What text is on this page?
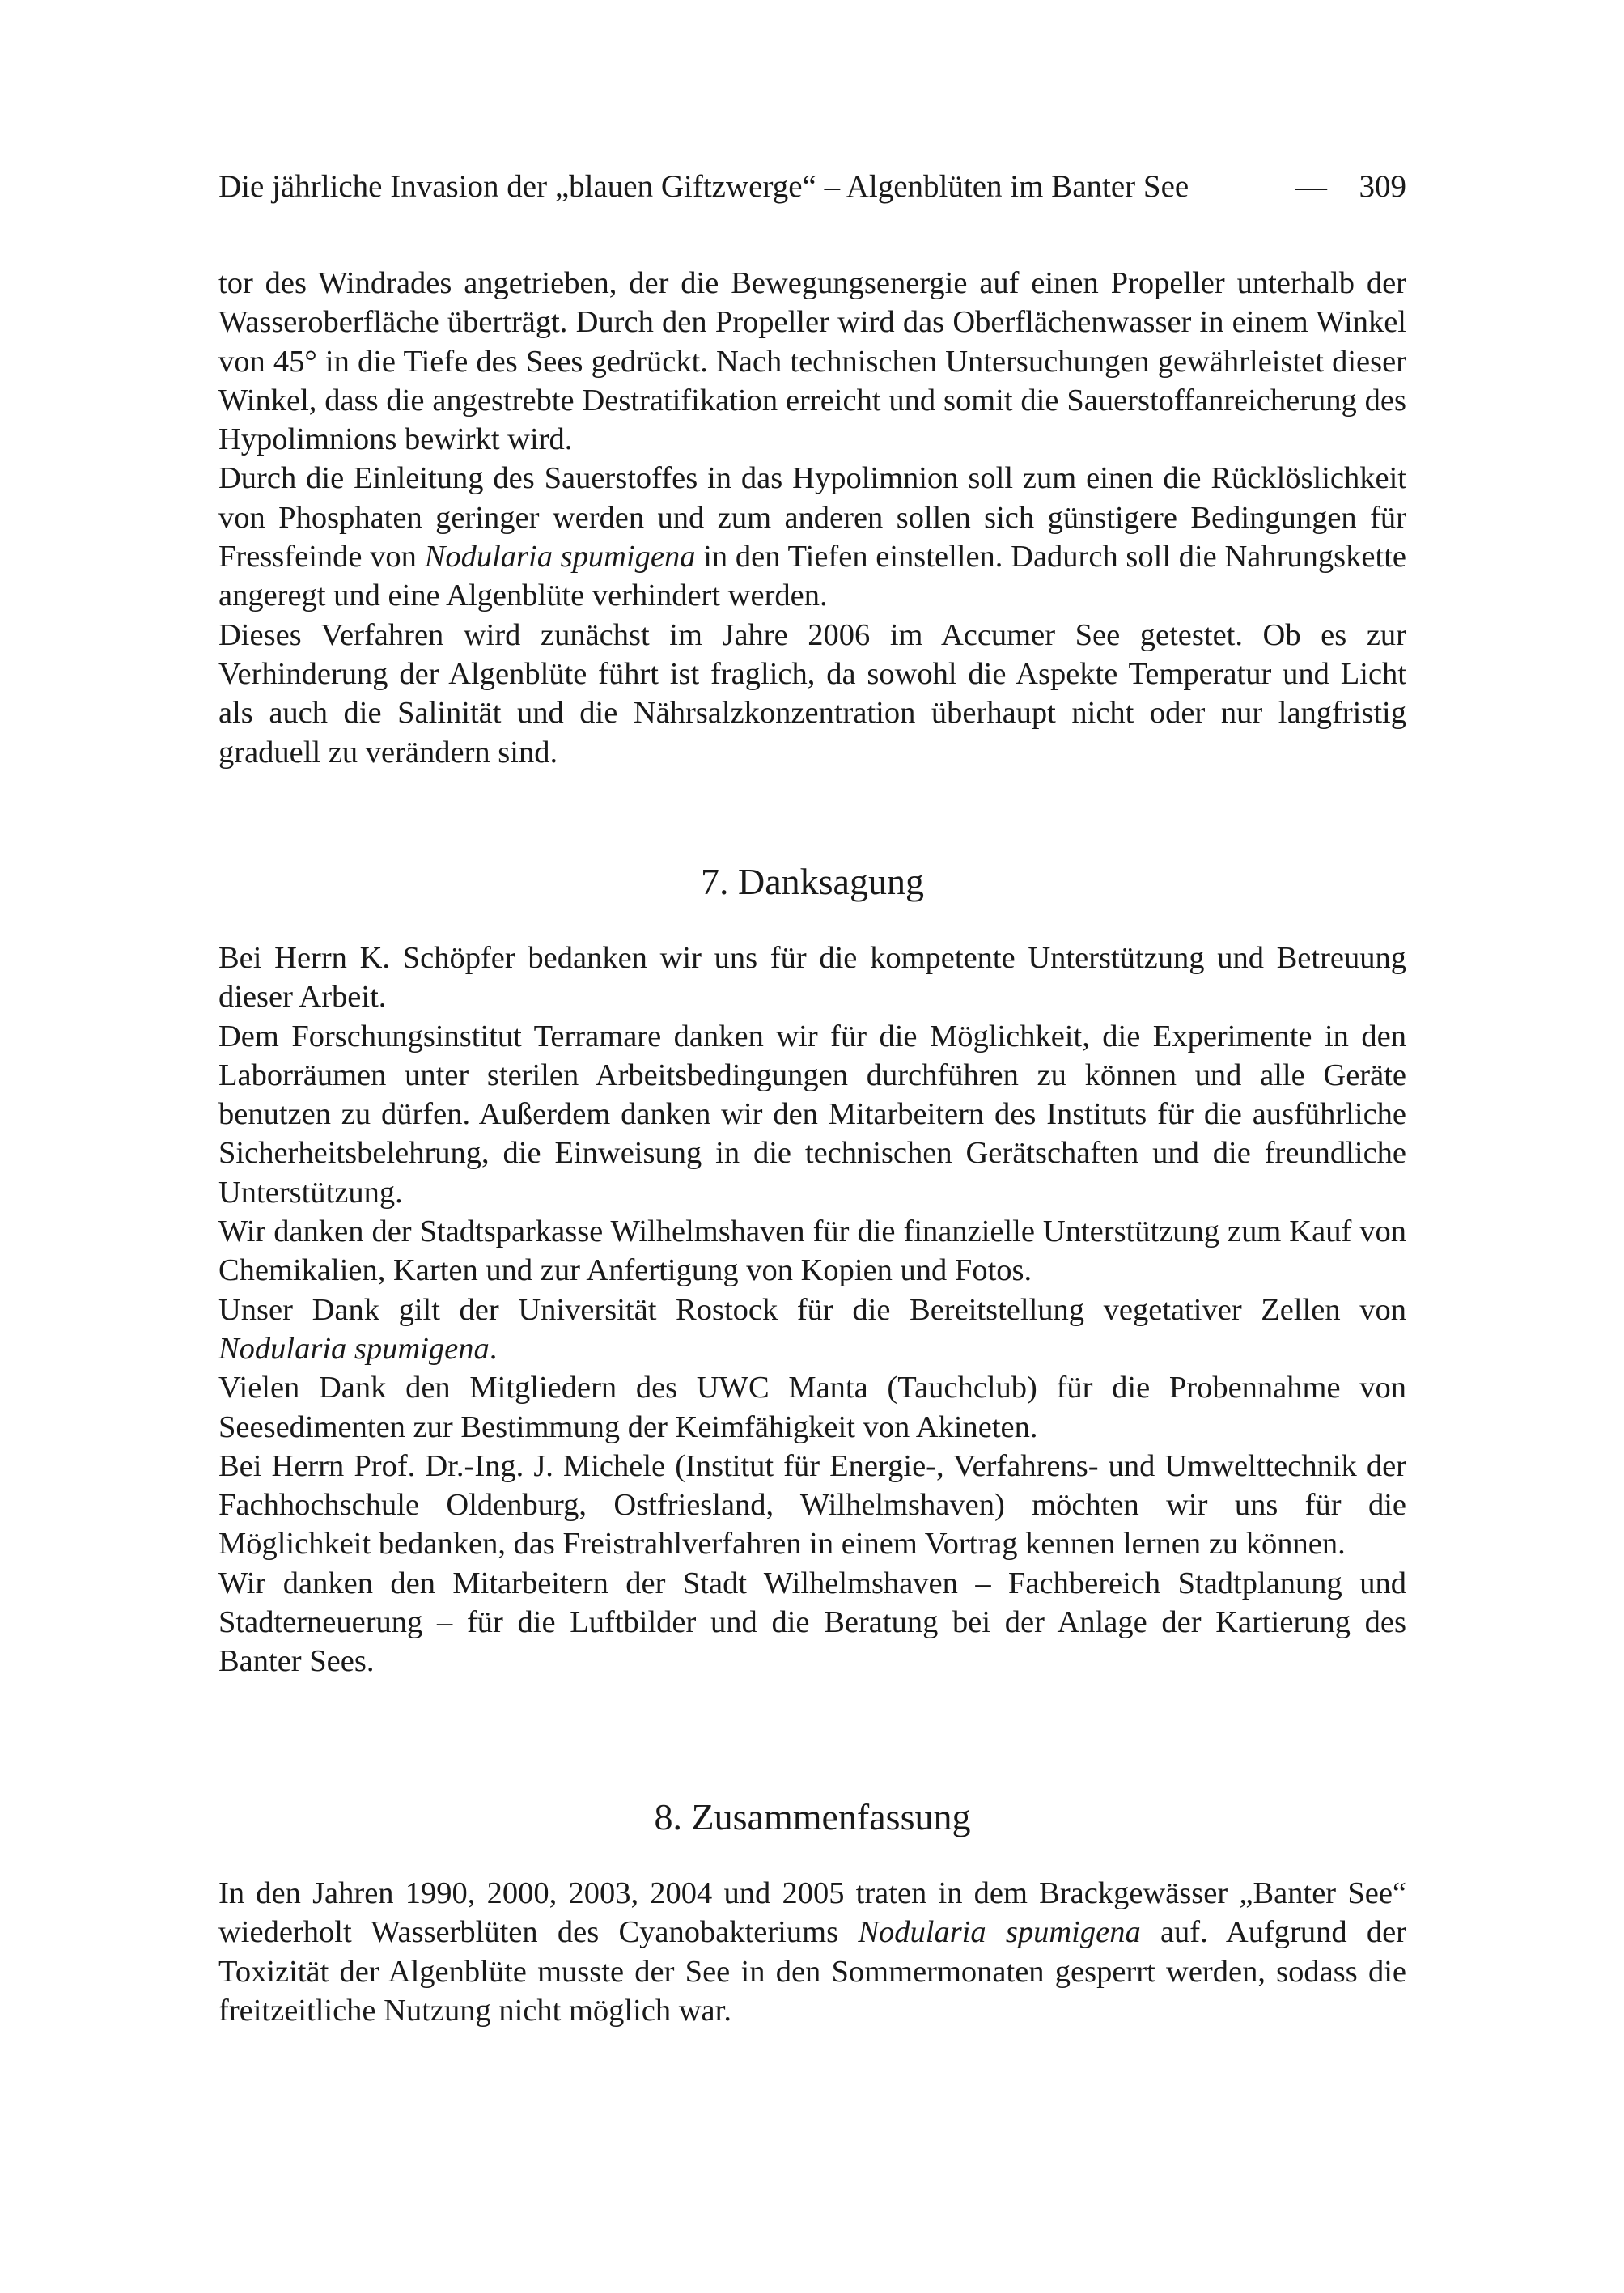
Die jährliche Invasion der „blauen Giftzwerge“ – Algenblüten im Banter See	— 309

tor des Windrades angetrieben, der die Bewegungsenergie auf einen Propeller unterhalb der Wasseroberfläche überträgt. Durch den Propeller wird das Oberflächenwasser in einem Winkel von 45° in die Tiefe des Sees gedrückt. Nach technischen Untersuchungen gewährleistet dieser Winkel, dass die angestrebte Destratifikation erreicht und somit die Sauerstoffanreicherung des Hypolimnions bewirkt wird.

Durch die Einleitung des Sauerstoffes in das Hypolimnion soll zum einen die Rücklöslichkeit von Phosphaten geringer werden und zum anderen sollen sich günstigere Bedingungen für Fressfeinde von Nodularia spumigena in den Tiefen einstellen. Dadurch soll die Nahrungskette angeregt und eine Algenblüte verhindert werden.

Dieses Verfahren wird zunächst im Jahre 2006 im Accumer See getestet. Ob es zur Verhinderung der Algenblüte führt ist fraglich, da sowohl die Aspekte Temperatur und Licht als auch die Salinität und die Nährsalzkonzentration überhaupt nicht oder nur langfristig graduell zu verändern sind.

7. Danksagung

Bei Herrn K. Schöpfer bedanken wir uns für die kompetente Unterstützung und Betreuung dieser Arbeit.

Dem Forschungsinstitut Terramare danken wir für die Möglichkeit, die Experimente in den Laborräumen unter sterilen Arbeitsbedingungen durchführen zu können und alle Geräte benutzen zu dürfen. Außerdem danken wir den Mitarbeitern des Instituts für die ausführliche Sicherheitsbelehrung, die Einweisung in die technischen Gerätschaften und die freundliche Unterstützung.

Wir danken der Stadtsparkasse Wilhelmshaven für die finanzielle Unterstützung zum Kauf von Chemikalien, Karten und zur Anfertigung von Kopien und Fotos.

Unser Dank gilt der Universität Rostock für die Bereitstellung vegetativer Zellen von Nodularia spumigena.

Vielen Dank den Mitgliedern des UWC Manta (Tauchclub) für die Probennahme von Seesedimenten zur Bestimmung der Keimfähigkeit von Akineten.

Bei Herrn Prof. Dr.-Ing. J. Michele (Institut für Energie-, Verfahrens- und Umwelttechnik der Fachhochschule Oldenburg, Ostfriesland, Wilhelmshaven) möchten wir uns für die Möglichkeit bedanken, das Freistrahlverfahren in einem Vortrag kennen lernen zu können.

Wir danken den Mitarbeitern der Stadt Wilhelmshaven – Fachbereich Stadtplanung und Stadterneuerung – für die Luftbilder und die Beratung bei der Anlage der Kartierung des Banter Sees.

8. Zusammenfassung

In den Jahren 1990, 2000, 2003, 2004 und 2005 traten in dem Brackgewässer „Banter See“ wiederholt Wasserblüten des Cyanobakteriums Nodularia spumigena auf. Aufgrund der Toxizität der Algenblüte musste der See in den Sommermonaten gesperrt werden, sodass die freitzeitliche Nutzung nicht möglich war.
